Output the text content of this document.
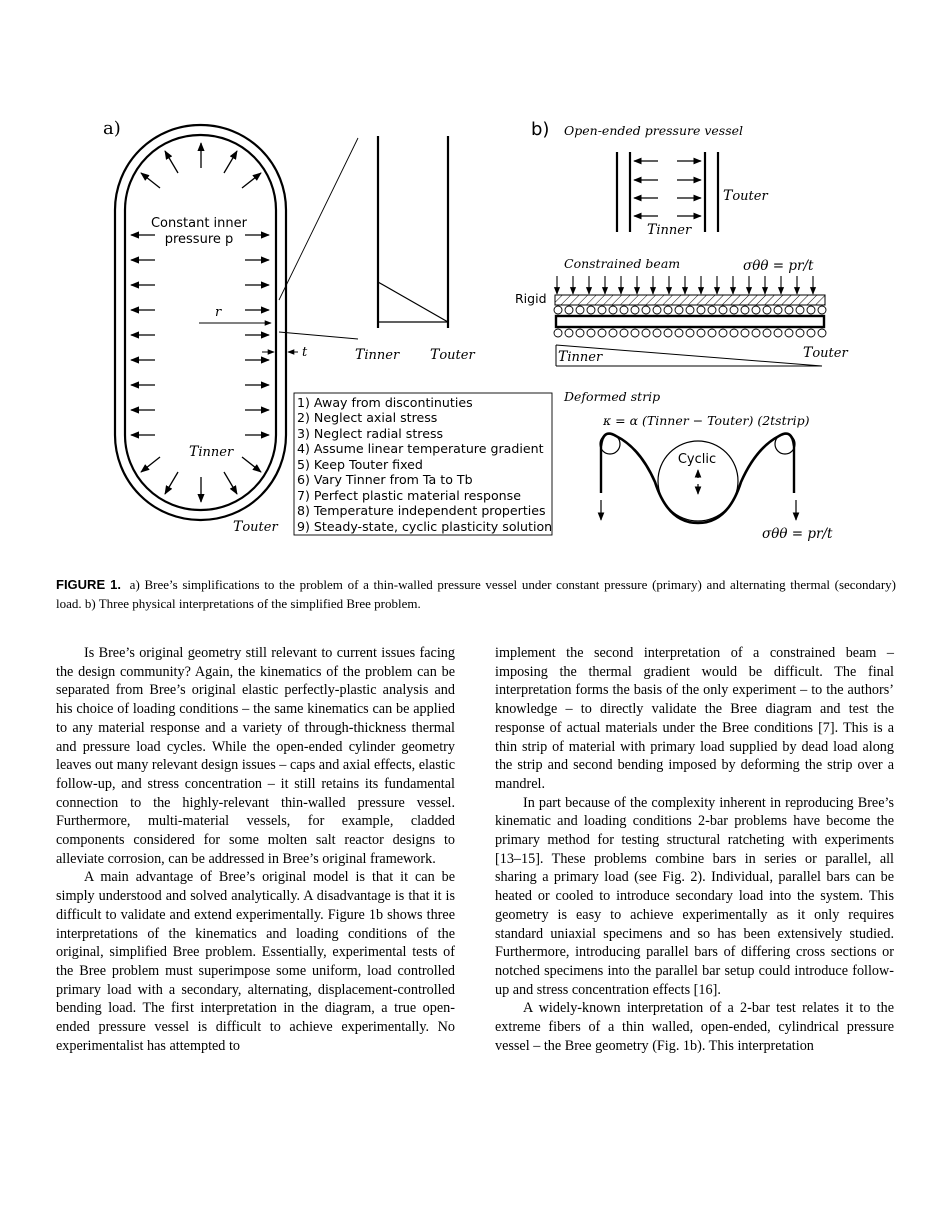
a)
Constant inner
pressure p
r
t
Tinner
Touter
Tinner Touter
1) Away from discontinuties
2) Neglect axial stress
3) Neglect radial stress
4) Assume linear temperature gradient
5) Keep Touter fixed
6) Vary Tinner from Ta to Tb
7) Perfect plastic material response
8) Temperature independent properties
9) Steady-state, cyclic plasticity solution
b) Open-ended pressure vessel
Touter
Tinner
Constrained beam	σθθ = pr/t
Rigid
Tinner	Touter
Deformed strip
κ = α (Tinner − Touter) (2tstrip)
Cyclic
σθθ = pr/t
FIGURE 1. a) Bree’s simplifications to the problem of a thin-walled pressure vessel under constant pressure (primary) and alternating thermal (secondary) load. b) Three physical interpretations of the simplified Bree problem.

Is Bree’s original geometry still relevant to current issues facing the design community? Again, the kinematics of the problem can be separated from Bree’s original elastic perfectly-plastic analysis and his choice of loading conditions – the same kinematics can be applied to any material response and a variety of through-thickness thermal and pressure load cycles. While the open-ended cylinder geometry leaves out many relevant design issues – caps and axial effects, elastic follow-up, and stress concentration – it still retains its fundamental connection to the highly-relevant thin-walled pressure vessel. Furthermore, multi-material vessels, for example, cladded components considered for some molten salt reactor designs to alleviate corrosion, can be addressed in Bree’s original framework.

A main advantage of Bree’s original model is that it can be simply understood and solved analytically. A disadvantage is that it is difficult to validate and extend experimentally. Figure 1b shows three interpretations of the kinematics and loading conditions of the original, simplified Bree problem. Essentially, experimental tests of the Bree problem must superimpose some uniform, load controlled primary load with a secondary, alternating, displacement-controlled bending load. The first interpretation in the diagram, a true open-ended pressure vessel is difficult to achieve experimentally. No experimentalist has attempted to

implement the second interpretation of a constrained beam – imposing the thermal gradient would be difficult. The final interpretation forms the basis of the only experiment – to the authors’ knowledge – to directly validate the Bree diagram and test the response of actual materials under the Bree conditions [7]. This is a thin strip of material with primary load supplied by dead load along the strip and second bending imposed by deforming the strip over a mandrel.

In part because of the complexity inherent in reproducing Bree’s kinematic and loading conditions 2-bar problems have become the primary method for testing structural ratcheting with experiments [13–15]. These problems combine bars in series or parallel, all sharing a primary load (see Fig. 2). Individual, parallel bars can be heated or cooled to introduce secondary load into the system. This geometry is easy to achieve experimentally as it only requires standard uniaxial specimens and so has been extensively studied. Furthermore, introducing parallel bars of differing cross sections or notched specimens into the parallel bar setup could introduce follow-up and stress concentration effects [16].

A widely-known interpretation of a 2-bar test relates it to the extreme fibers of a thin walled, open-ended, cylindrical pressure vessel – the Bree geometry (Fig. 1b). This interpretation
